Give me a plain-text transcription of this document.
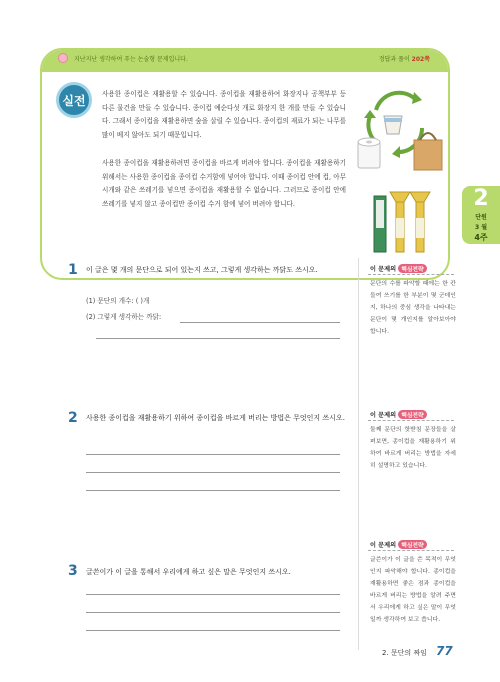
지난지난 생각하여 푸는 논술형 문제입니다.	정답과 풀이 202쪽
실전	사용한 종이컵은 재활용할 수 있습니다. 종이컵을 재활용하여 화장지나 공책부부 등 다른 물건을 만들 수 있습니다. 종이컵 예순다섯 개로 화장지 한 개를 만들 수 있습니다. 그래서 종이컵을 재활용하면 숲을 살릴 수 있습니다. 종이컵의 재료가 되는 나무를 많이 베지 않아도 되기 때문입니다.

사용한 종이컵을 재활용하려면 종이컵을 바르게 버려야 합니다. 종이컵을 재활용하기 위해서는 사용한 종이컵을 종이컵 수거함에 넣어야 합니다. 이때 종이컵 안에 컵, 아무시개와 같은 쓰레기를 넣으면 종이컵을 재활용할 수 없습니다. 그러므로 종이컵 안에 쓰레기를 넣지 않고 종이컵만 종이컵 수거 함에 넣어 버려야 합니다.	2
단원
3 월
4주
1 이 글은 몇 개의 문단으로 되어 있는지 쓰고, 그렇게 생각하는 까닭도 쓰시오.
(1) 문단의 개수: ( )개
(2) 그렇게 생각하는 까닭:
2 사용한 종이컵을 재활용하기 위하여 종이컵을 바르게 버리는 방법은 무엇인지 쓰시오.
3 글쓴이가 이 글을 통해서 우리에게 하고 싶은 말은 무엇인지 쓰시오.
이 문제의 핵심전략

문단의 수를 파악할 때에는 한 칸 들여 쓰기를 한 부분이 몇 군데인지, 하나의 중심 생각을 나타내는 문단이 몇 개인지를 알아보아야 합니다.

이 문제의 핵심전략

둘째 문단의 핫받침 문장들을 살펴보면, 종이컵을 재활용하기 위하여 바르게 버리는 방법을 자세히 설명하고 있습니다.

이 문제의 핵심전략

글쓴이가 이 글을 쓴 목적이 무엇인지 파악해야 합니다. 종이컵을 재활용하면 좋은 점과 종이컵을 바르게 버리는 방법을 알려 주면서 우리에게 하고 싶은 말이 무엇일까 생각하여 보고 씁니다.

2. 문단의 짜임 77
